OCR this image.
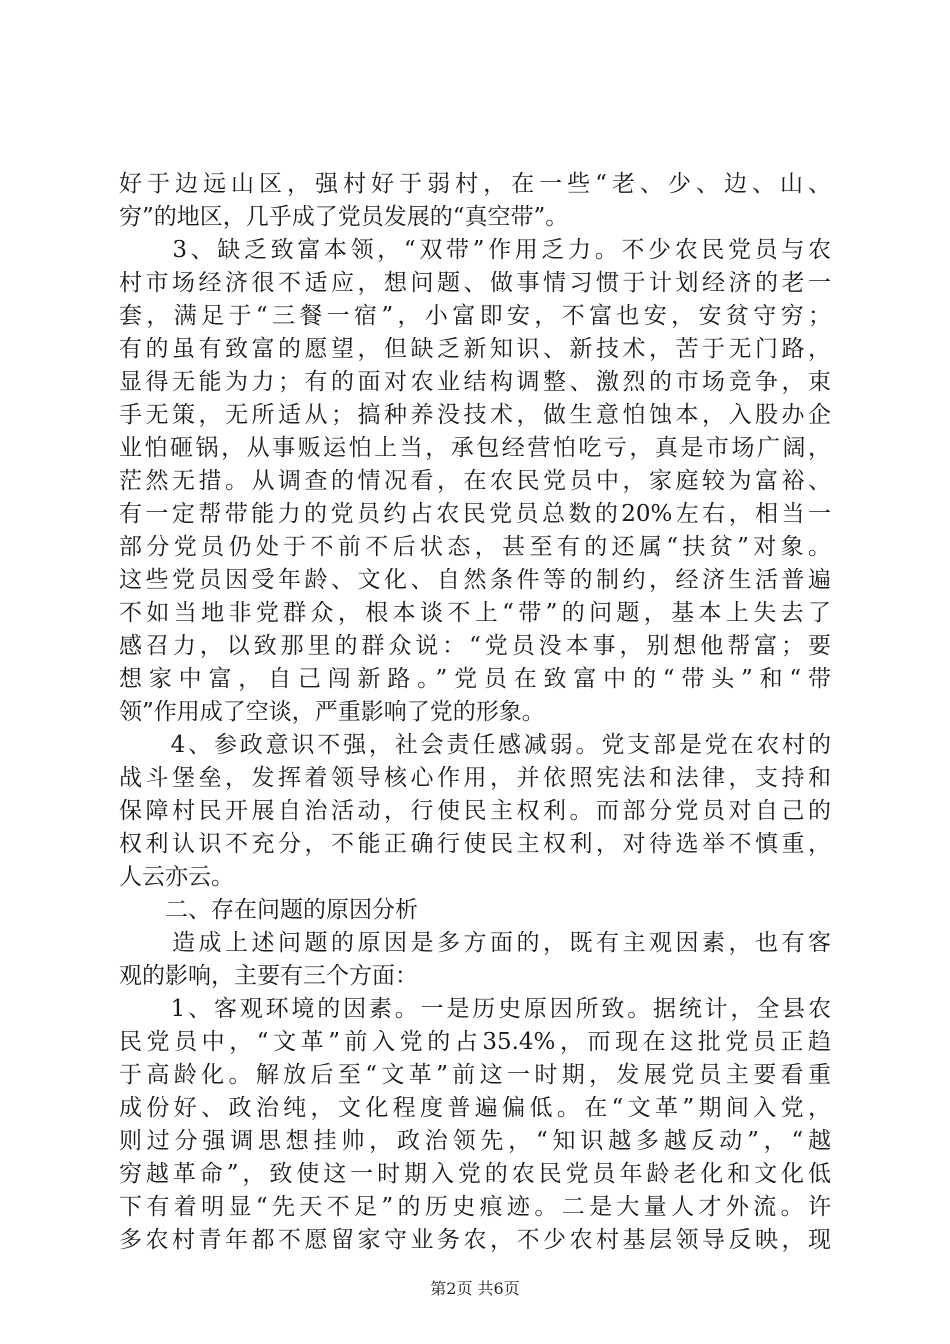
好于边远山区，强村好于弱村，在一些“老、少、边、山、
穷”的地区，几乎成了党员发展的“真空带”。
　　3、缺乏致富本领，“双带”作用乏力。不少农民党员与农
村市场经济很不适应，想问题、做事情习惯于计划经济的老一
套，满足于“三餐一宿”，小富即安，不富也安，安贫守穷；
有的虽有致富的愿望，但缺乏新知识、新技术，苦于无门路，
显得无能为力；有的面对农业结构调整、激烈的市场竞争，束
手无策，无所适从；搞种养没技术，做生意怕蚀本，入股办企
业怕砸锅，从事贩运怕上当，承包经营怕吃亏，真是市场广阔，
茫然无措。从调查的情况看，在农民党员中，家庭较为富裕、
有一定帮带能力的党员约占农民党员总数的20%左右，相当一
部分党员仍处于不前不后状态，甚至有的还属“扶贫”对象。
这些党员因受年龄、文化、自然条件等的制约，经济生活普遍
不如当地非党群众，根本谈不上“带”的问题，基本上失去了
感召力，以致那里的群众说：“党员没本事，别想他帮富；要
想家中富，自己闯新路。”党员在致富中的“带头”和“带
领”作用成了空谈，严重影响了党的形象。
　　4、参政意识不强，社会责任感减弱。党支部是党在农村的
战斗堡垒，发挥着领导核心作用，并依照宪法和法律，支持和
保障村民开展自治活动，行使民主权利。而部分党员对自己的
权利认识不充分，不能正确行使民主权利，对待选举不慎重，
人云亦云。
　　二、存在问题的原因分析
　　造成上述问题的原因是多方面的，既有主观因素，也有客
观的影响，主要有三个方面：
　　1、客观环境的因素。一是历史原因所致。据统计，全县农
民党员中，“文革”前入党的占35.4%，而现在这批党员正趋
于高龄化。解放后至“文革”前这一时期，发展党员主要看重
成份好、政治纯，文化程度普遍偏低。在“文革”期间入党，
则过分强调思想挂帅，政治领先，“知识越多越反动”，“越
穷越革命”，致使这一时期入党的农民党员年龄老化和文化低
下有着明显“先天不足”的历史痕迹。二是大量人才外流。许
多农村青年都不愿留家守业务农，不少农村基层领导反映，现
第2页 共6页
